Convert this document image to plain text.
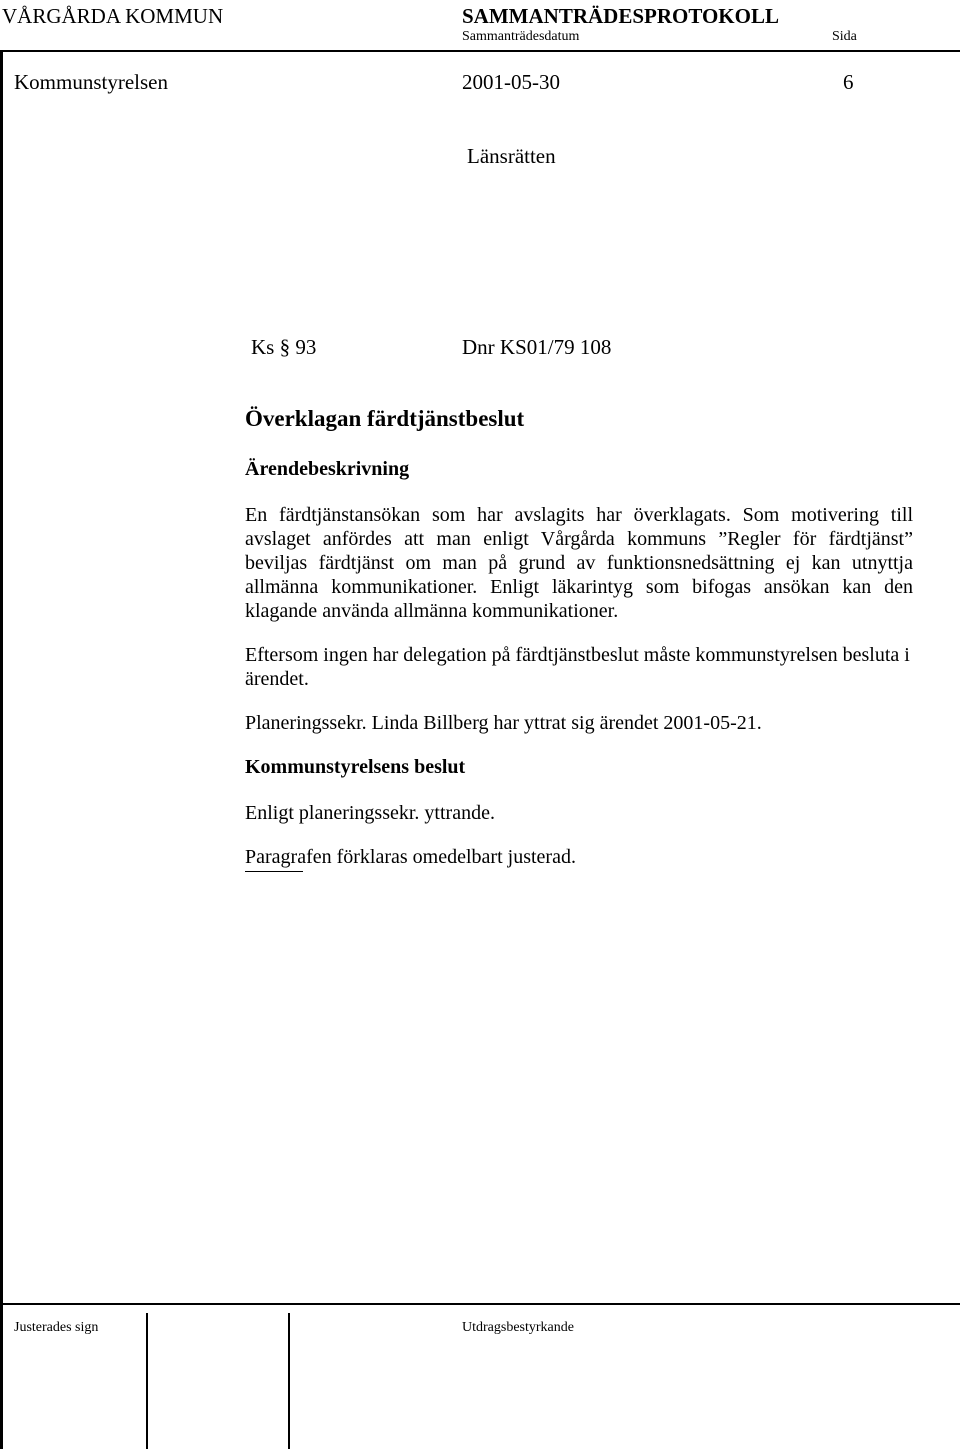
VÅRGÅRDA KOMMUN	SAMMANTRÄDESPROTOKOLL
Sammanträdesdatum	Sida
Kommunstyrelsen	2001-05-30	6
Länsrätten
Ks § 93	Dnr KS01/79 108
Överklagan färdtjänstbeslut
Ärendebeskrivning

En färdtjänstansökan som har avslagits har överklagats. Som motivering till avslaget anfördes att man enligt Vårgårda kommuns ”Regler för färdtjänst” beviljas färdtjänst om man på grund av funktionsnedsättning ej kan utnyttja allmänna kommunikationer. Enligt läkarintyg som bifogas ansökan kan den klagande använda allmänna kommunikationer.

Eftersom ingen har delegation på färdtjänstbeslut måste kommunstyrelsen besluta i ärendet.

Planeringssekr. Linda Billberg har yttrat sig ärendet 2001-05-21.

Kommunstyrelsens beslut

Enligt planeringssekr. yttrande.

Paragrafen förklaras omedelbart justerad.

Justerades sign	Utdragsbestyrkande
